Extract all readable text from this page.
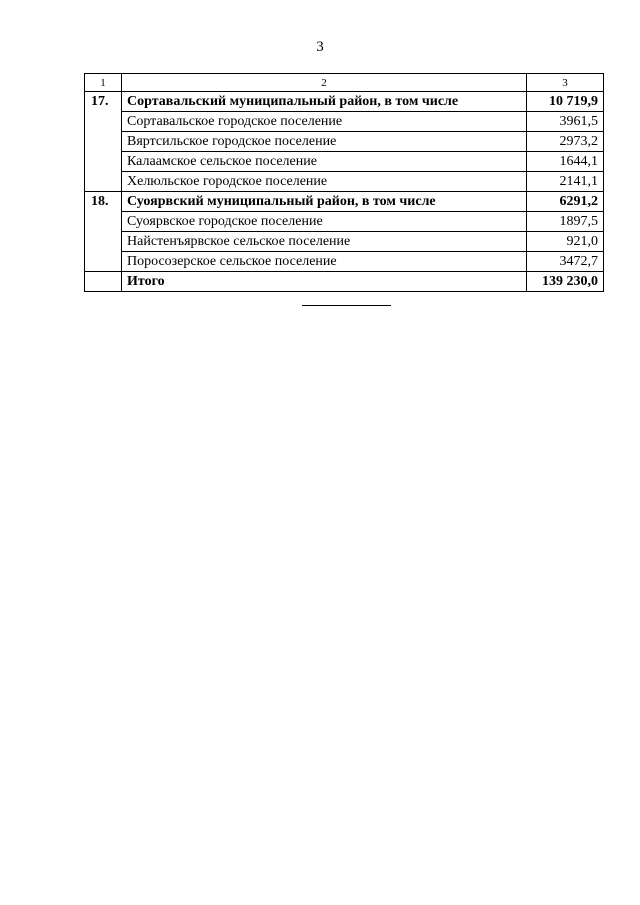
3
1	2	3
17.	Сортавальский муниципальный район, в том числе	10 719,9
	Сортавальское городское поселение	3961,5
	Вяртсильское городское поселение	2973,2
	Калаамское сельское поселение	1644,1
	Хелюльское городское поселение	2141,1
18.	Суоярвский муниципальный район, в том числе	6291,2
	Суоярвское городское поселение	1897,5
	Найстенъярвское сельское поселение	921,0
	Поросозерское сельское поселение	3472,7
	Итого	139 230,0
